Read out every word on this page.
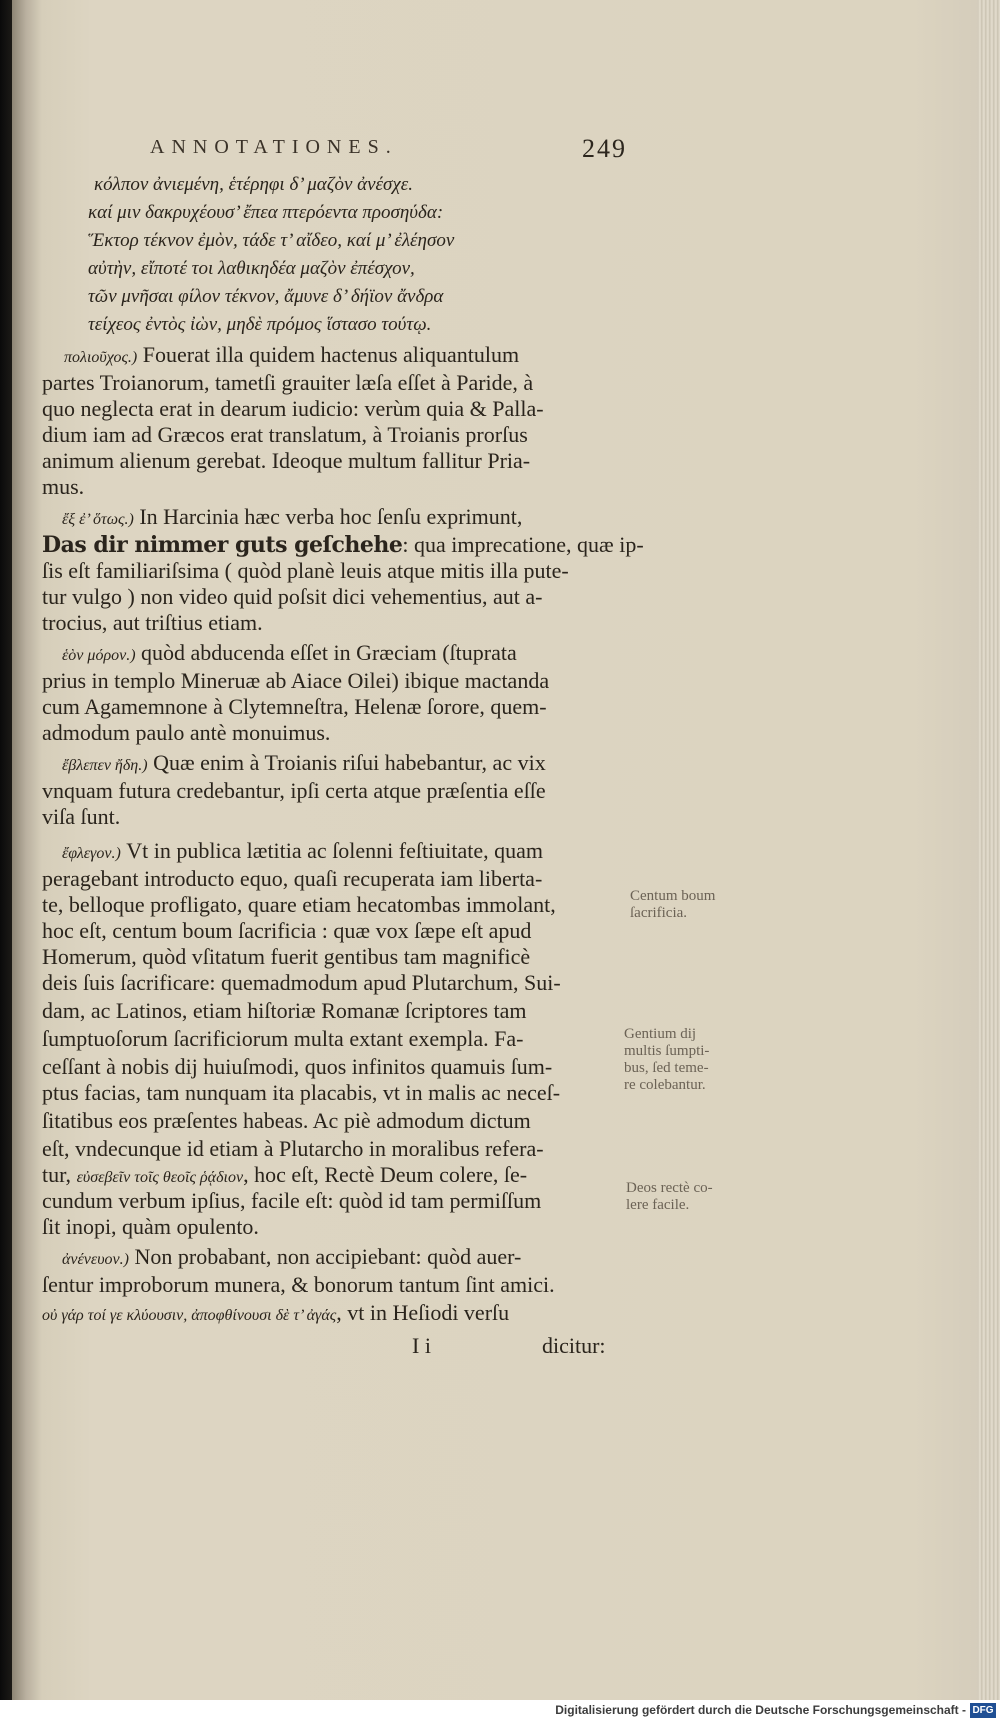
ANNOTATIONES.	249
κόλπον ἀνιεμένη, ἑτέρηφι δ’ μαζὸν ἀνέσχε.
καί μιν δακρυχέουσ’ ἔπεα πτερόεντα προσηύδα:
Ἕκτορ τέκνον ἐμὸν, τάδε τ’ αἴδεο, καί μ’ ἐλέησον
αὐτὴν, εἴποτέ τοι λαθικηδέα μαζὸν ἐπέσχον,
τῶν μνῆσαι φίλον τέκνον, ἄμυνε δ’ δήϊον ἄνδρα
τείχεος ἐντὸς ἰὼν, μηδὲ πρόμος ἵστασο τούτῳ.
πολιοῦχος.) Fouerat illa quidem hactenus aliquantulum
partes Troianorum, tametſi grauiter læſa eſſet à Paride, à
quo neglecta erat in dearum iudicio: verùm quia & Palla-
dium iam ad Græcos erat translatum, à Troianis prorſus
animum alienum gerebat. Ideoque multum fallitur Pria-
mus.
ἔξ ἐ’ ὅτως.) In Harcinia hæc verba hoc ſenſu exprimunt,
Das dir nimmer guts geſchehe: qua imprecatione, quæ ip-
ſis eſt familiariſsima ( quòd planè leuis atque mitis illa pute-
tur vulgo ) non video quid poſsit dici vehementius, aut a-
trocius, aut triſtius etiam.
ἑὸν μόρον.) quòd abducenda eſſet in Græciam (ſtuprata
prius in templo Mineruæ ab Aiace Oilei) ibique mactanda
cum Agamemnone à Clytemneſtra, Helenæ ſorore, quem-
admodum paulo antè monuimus.
ἔβλεπεν ἤδη.) Quæ enim à Troianis riſui habebantur, ac vix
vnquam futura credebantur, ipſi certa atque præſentia eſſe
viſa ſunt.
ἔφλεγον.) Vt in publica lætitia ac ſolenni feſtiuitate, quam
peragebant introducto equo, quaſi recuperata iam liberta-
te, belloque profligato, quare etiam hecatombas immolant,
hoc eſt, centum boum ſacrificia : quæ vox ſæpe eſt apud
Homerum, quòd vſitatum fuerit gentibus tam magnificè
deis ſuis ſacrificare: quemadmodum apud Plutarchum, Sui-
dam, ac Latinos, etiam hiſtoriæ Romanæ ſcriptores tam
ſumptuoſorum ſacrificiorum multa extant exempla. Fa-
ceſſant à nobis dij huiuſmodi, quos infinitos quamuis ſum-
ptus facias, tam nunquam ita placabis, vt in malis ac neceſ-
ſitatibus eos præſentes habeas. Ac piè admodum dictum
eſt, vndecunque id etiam à Plutarcho in moralibus refera-
tur, εὐσεβεῖν τοῖς θεοῖς ῥᾴδιον, hoc eſt, Rectè Deum colere, ſe-
cundum verbum ipſius, facile eſt: quòd id tam permiſſum
ſit inopi, quàm opulento.
ἀνένευον.) Non probabant, non accipiebant: quòd auer-
ſentur improborum munera, & bonorum tantum ſint amici.
οὐ γάρ τοί γε κλύουσιν, ἀποφθίνουσι δὲ τ’ ἀγάς, vt in Heſiodi verſu
I i	dicitur:
Centum boum
ſacrificia.
Gentium dij
multis ſumpti-
bus, ſed teme-
re colebantur.
Deos rectè co-
lere facile.
Digitalisierung gefördert durch die Deutsche Forschungsgemeinschaft - DFG
